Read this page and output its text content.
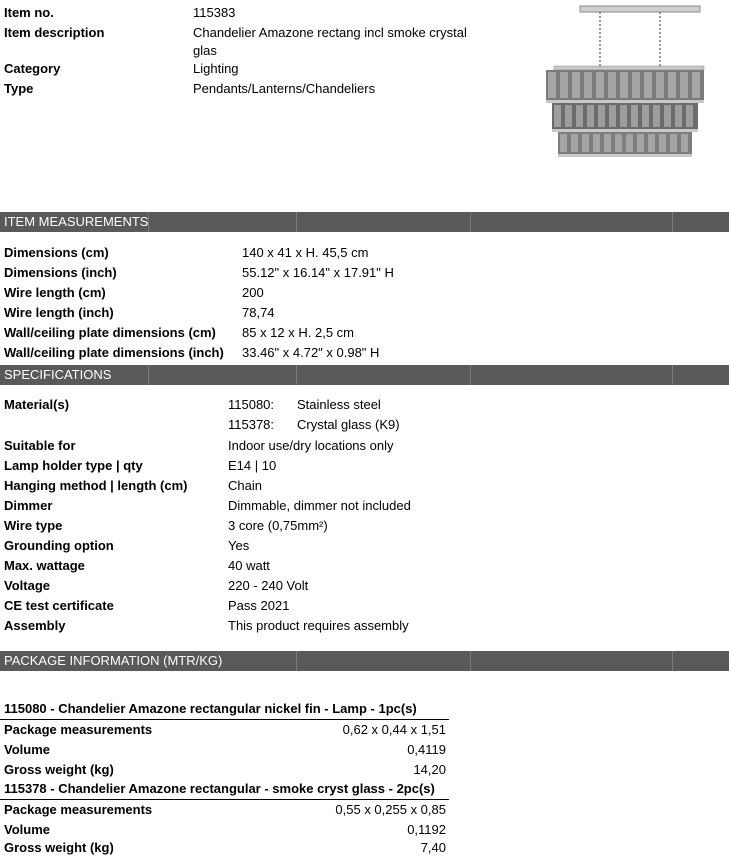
Item no.	115383
Item description	Chandelier Amazone rectang incl smoke crystal
glas
Category	Lighting
Type	Pendants/Lanterns/Chandeliers
ITEM MEASUREMENTS
Dimensions (cm)	140 x 41 x H. 45,5 cm
Dimensions (inch)	55.12" x 16.14" x 17.91" H
Wire length (cm)	200
Wire length (inch)	78,74
Wall/ceiling plate dimensions (cm) 85 x 12 x H. 2,5 cm
Wall/ceiling plate dimensions (inch) 33.46" x 4.72" x 0.98" H
SPECIFICATIONS
Material(s)	115080: Stainless steel
115378: Crystal glass (K9)
Suitable for	Indoor use/dry locations only
Lamp holder type | qty	E14 | 10
Hanging method | length (cm)	Chain
Dimmer	Dimmable, dimmer not included
Wire type	3 core (0,75mm²)
Grounding option	Yes
Max. wattage	40 watt
Voltage	220 - 240 Volt
CE test certificate	Pass 2021
Assembly	This product requires assembly
PACKAGE INFORMATION (MTR/KG)
115080 - Chandelier Amazone rectangular nickel fin - Lamp - 1pc(s)
Package measurements	0,62 x 0,44 x 1,51
Volume	0,4119
Gross weight (kg)	14,20
115378 - Chandelier Amazone rectangular - smoke cryst glass - 2pc(s)
Package measurements	0,55 x 0,255 x 0,85
Volume	0,1192
Gross weight (kg)	7,40
